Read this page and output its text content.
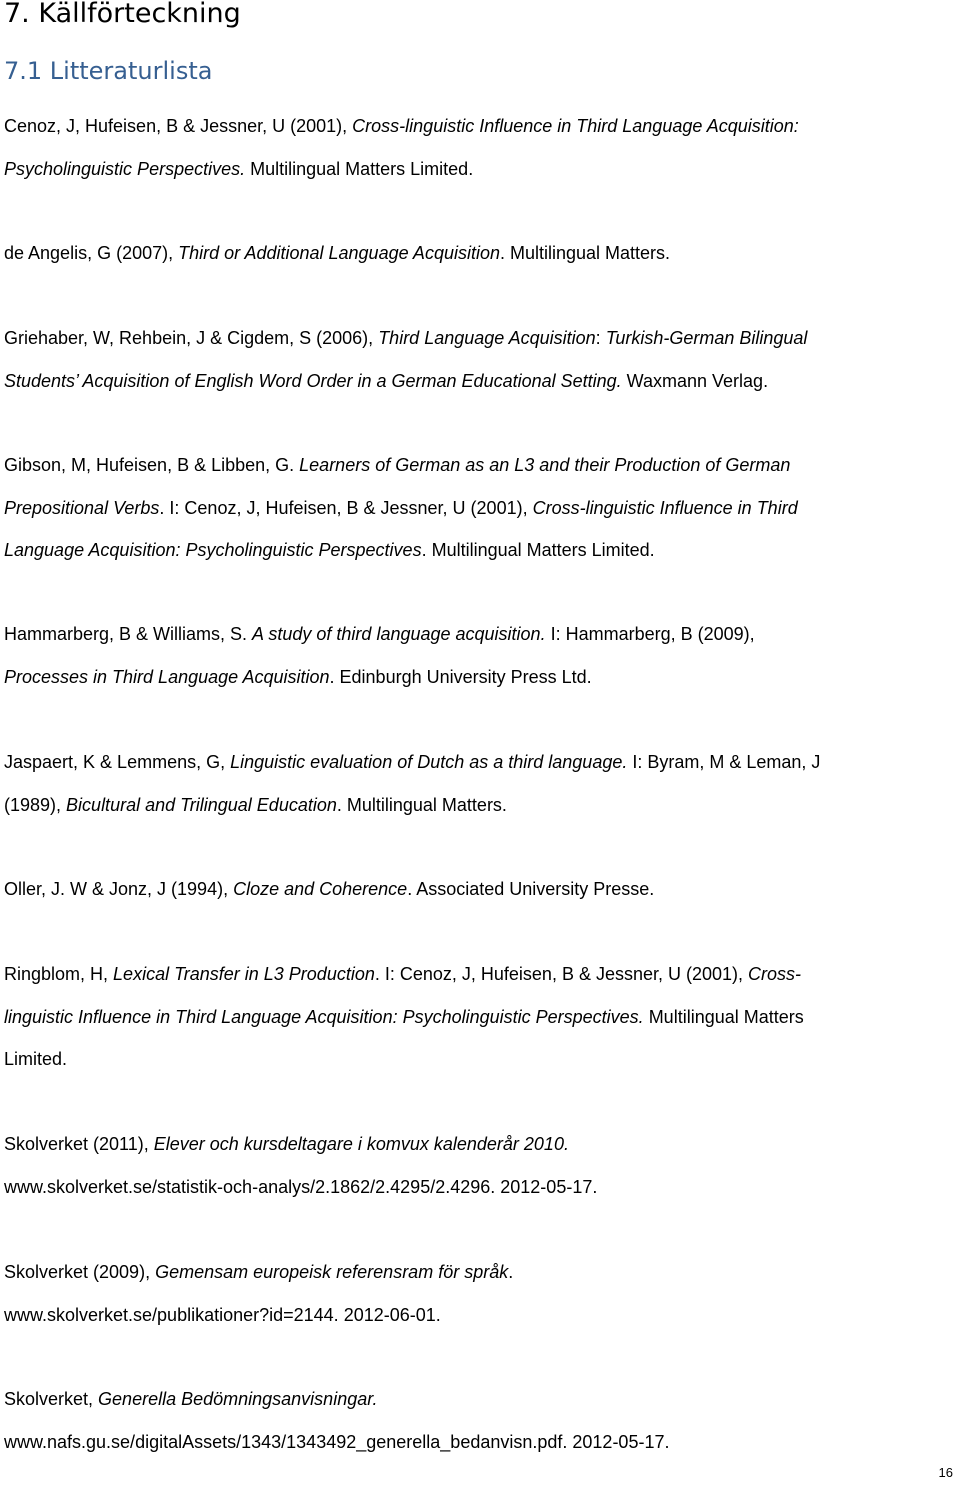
7. Källförteckning
7.1 Litteraturlista

Cenoz, J, Hufeisen, B & Jessner, U (2001), Cross-linguistic Influence in Third Language Acquisition:
Psycholinguistic Perspectives. Multilingual Matters Limited.

de Angelis, G (2007), Third or Additional Language Acquisition. Multilingual Matters.

Griehaber, W, Rehbein, J & Cigdem, S (2006), Third Language Acquisition: Turkish-German Bilingual
Students’ Acquisition of English Word Order in a German Educational Setting. Waxmann Verlag.

Gibson, M, Hufeisen, B & Libben, G. Learners of German as an L3 and their Production of German
Prepositional Verbs. I: Cenoz, J, Hufeisen, B & Jessner, U (2001), Cross-linguistic Influence in Third
Language Acquisition: Psycholinguistic Perspectives. Multilingual Matters Limited.

Hammarberg, B & Williams, S. A study of third language acquisition. I: Hammarberg, B (2009),
Processes in Third Language Acquisition. Edinburgh University Press Ltd.

Jaspaert, K & Lemmens, G, Linguistic evaluation of Dutch as a third language. I: Byram, M & Leman, J
(1989), Bicultural and Trilingual Education. Multilingual Matters.

Oller, J. W & Jonz, J (1994), Cloze and Coherence. Associated University Presse.

Ringblom, H, Lexical Transfer in L3 Production. I: Cenoz, J, Hufeisen, B & Jessner, U (2001), Cross-
linguistic Influence in Third Language Acquisition: Psycholinguistic Perspectives. Multilingual Matters
Limited.

Skolverket (2011), Elever och kursdeltagare i komvux kalenderår 2010.
www.skolverket.se/statistik-och-analys/2.1862/2.4295/2.4296. 2012-05-17.

Skolverket (2009), Gemensam europeisk referensram för språk.
www.skolverket.se/publikationer?id=2144. 2012-06-01.

Skolverket, Generella Bedömningsanvisningar.
www.nafs.gu.se/digitalAssets/1343/1343492_generella_bedanvisn.pdf. 2012-05-17.

16
